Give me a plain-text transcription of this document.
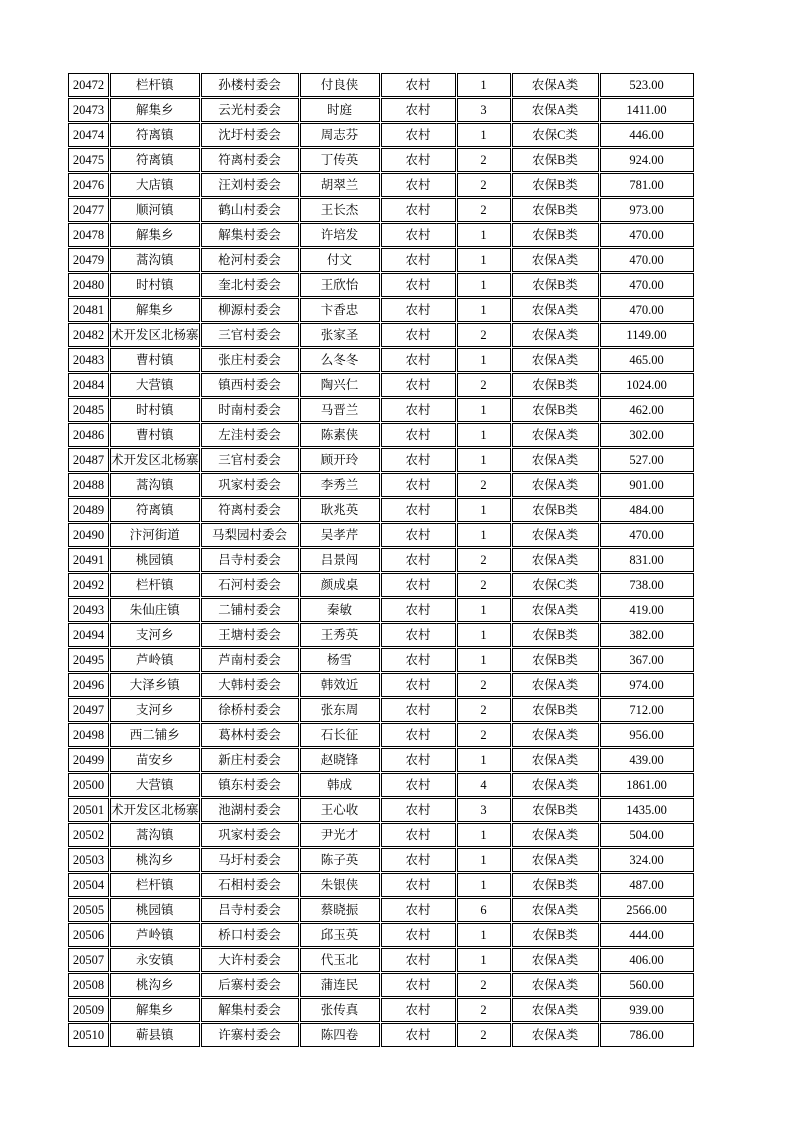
20472	栏杆镇	孙楼村委会	付良侠	农村	1	农保A类	523.00
20473	解集乡	云光村委会	时庭	农村	3	农保A类	1411.00
20474	符离镇	沈圩村委会	周志芬	农村	1	农保C类	446.00
20475	符离镇	符离村委会	丁传英	农村	2	农保B类	924.00
20476	大店镇	汪刘村委会	胡翠兰	农村	2	农保B类	781.00
20477	顺河镇	鹤山村委会	王长杰	农村	2	农保B类	973.00
20478	解集乡	解集村委会	许培发	农村	1	农保B类	470.00
20479	蒿沟镇	枪河村委会	付文	农村	1	农保A类	470.00
20480	时村镇	奎北村委会	王欣怡	农村	1	农保B类	470.00
20481	解集乡	柳源村委会	卞香忠	农村	1	农保A类	470.00
20482	术开发区北杨寨	三官村委会	张家圣	农村	2	农保A类	1149.00
20483	曹村镇	张庄村委会	么冬冬	农村	1	农保A类	465.00
20484	大营镇	镇西村委会	陶兴仁	农村	2	农保B类	1024.00
20485	时村镇	时南村委会	马晋兰	农村	1	农保B类	462.00
20486	曹村镇	左洼村委会	陈素侠	农村	1	农保A类	302.00
20487	术开发区北杨寨	三官村委会	顾开玲	农村	1	农保A类	527.00
20488	蒿沟镇	巩家村委会	李秀兰	农村	2	农保A类	901.00
20489	符离镇	符离村委会	耿兆英	农村	1	农保B类	484.00
20490	汴河街道	马梨园村委会	吴孝芹	农村	1	农保A类	470.00
20491	桃园镇	吕寺村委会	吕景闯	农村	2	农保A类	831.00
20492	栏杆镇	石河村委会	颜成桌	农村	2	农保C类	738.00
20493	朱仙庄镇	二铺村委会	秦敏	农村	1	农保A类	419.00
20494	支河乡	王塘村委会	王秀英	农村	1	农保B类	382.00
20495	芦岭镇	芦南村委会	杨雪	农村	1	农保B类	367.00
20496	大泽乡镇	大韩村委会	韩效近	农村	2	农保A类	974.00
20497	支河乡	徐桥村委会	张东周	农村	2	农保B类	712.00
20498	西二铺乡	葛林村委会	石长征	农村	2	农保A类	956.00
20499	苗安乡	新庄村委会	赵晓锋	农村	1	农保A类	439.00
20500	大营镇	镇东村委会	韩成	农村	4	农保A类	1861.00
20501	术开发区北杨寨	池湖村委会	王心收	农村	3	农保B类	1435.00
20502	蒿沟镇	巩家村委会	尹光才	农村	1	农保A类	504.00
20503	桃沟乡	马圩村委会	陈子英	农村	1	农保A类	324.00
20504	栏杆镇	石相村委会	朱银侠	农村	1	农保B类	487.00
20505	桃园镇	吕寺村委会	蔡晓振	农村	6	农保A类	2566.00
20506	芦岭镇	桥口村委会	邱玉英	农村	1	农保B类	444.00
20507	永安镇	大许村委会	代玉北	农村	1	农保A类	406.00
20508	桃沟乡	后寨村委会	蒲连民	农村	2	农保A类	560.00
20509	解集乡	解集村委会	张传真	农村	2	农保A类	939.00
20510	蕲县镇	许寨村委会	陈四卷	农村	2	农保A类	786.00
